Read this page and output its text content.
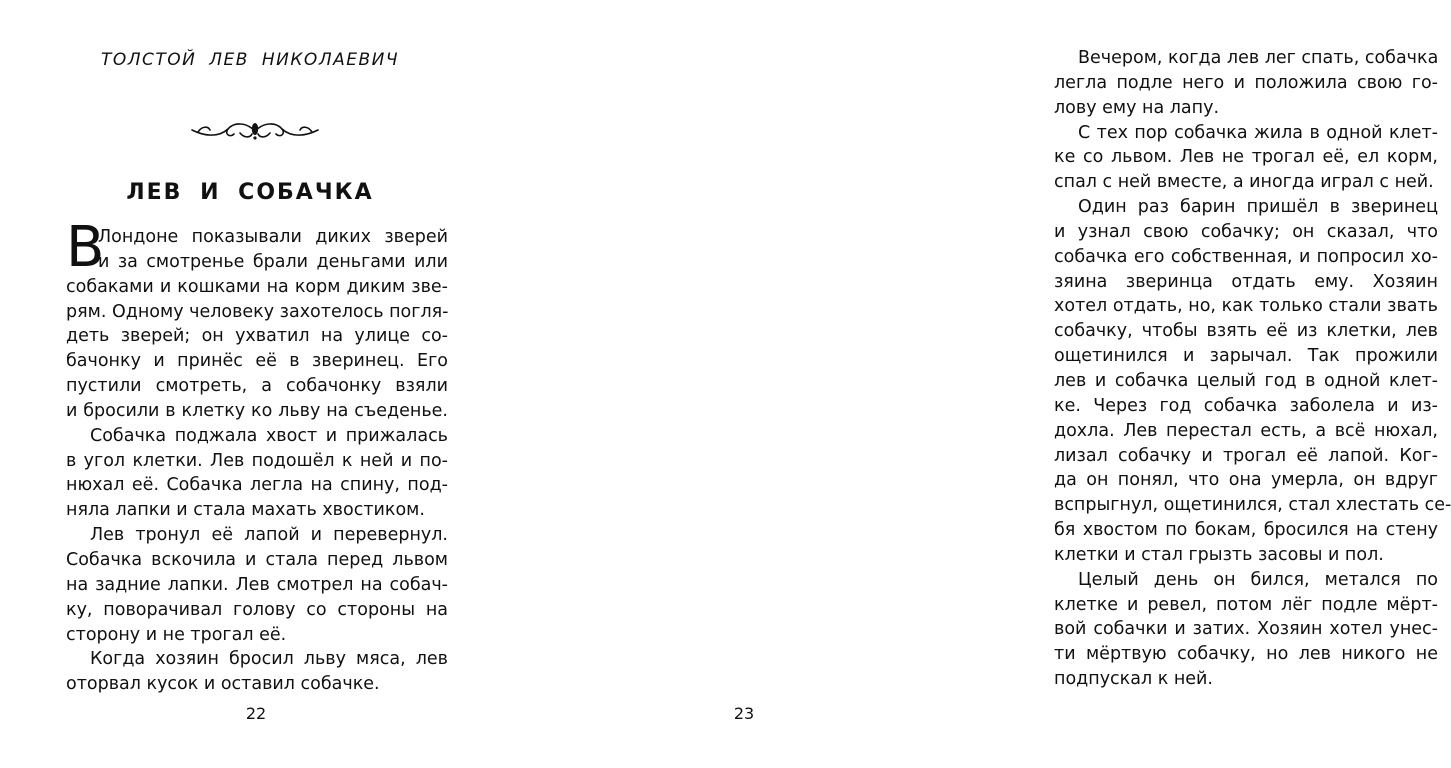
ТОЛСТОЙ ЛЕВ НИКОЛАЕВИЧ

ЛЕВ И СОБАЧКА
В
Лондоне показывали диких зверей
и за смотренье брали деньгами или
собаками и кошками на корм диким зве-
рям. Одному человеку захотелось погля-
деть зверей; он ухватил на улице со-
бачонку и принёс её в зверинец. Его
пустили смотреть, а собачонку взяли
и бросили в клетку ко льву на съеденье.
Собачка поджала хвост и прижалась
в угол клетки. Лев подошёл к ней и по-
нюхал её. Собачка легла на спину, под-
няла лапки и стала махать хвостиком.
Лев тронул её лапой и перевернул.
Собачка вскочила и стала перед львом
на задние лапки. Лев смотрел на собач-
ку, поворачивал голову со стороны на
сторону и не трогал её.
Когда хозяин бросил льву мяса, лев
оторвал кусок и оставил собачке.

22

Вечером, когда лев лег спать, собачка
легла подле него и положила свою го-
лову ему на лапу.
С тех пор собачка жила в одной клет-
ке со львом. Лев не трогал её, ел корм,
спал с ней вместе, а иногда играл с ней.
Один раз барин пришёл в зверинец
и узнал свою собачку; он сказал, что
собачка его собственная, и попросил хо-
зяина зверинца отдать ему. Хозяин
хотел отдать, но, как только стали звать
собачку, чтобы взять её из клетки, лев
ощетинился и зарычал. Так прожили
лев и собачка целый год в одной клет-
ке. Через год собачка заболела и из-
дохла. Лев перестал есть, а всё нюхал,
лизал собачку и трогал её лапой. Ког-
да он понял, что она умерла, он вдруг
вспрыгнул, ощетинился, стал хлестать се-
бя хвостом по бокам, бросился на стену
клетки и стал грызть засовы и пол.
Целый день он бился, метался по
клетке и ревел, потом лёг подле мёрт-
вой собачки и затих. Хозяин хотел унес-
ти мёртвую собачку, но лев никого не
подпускал к ней.

23
